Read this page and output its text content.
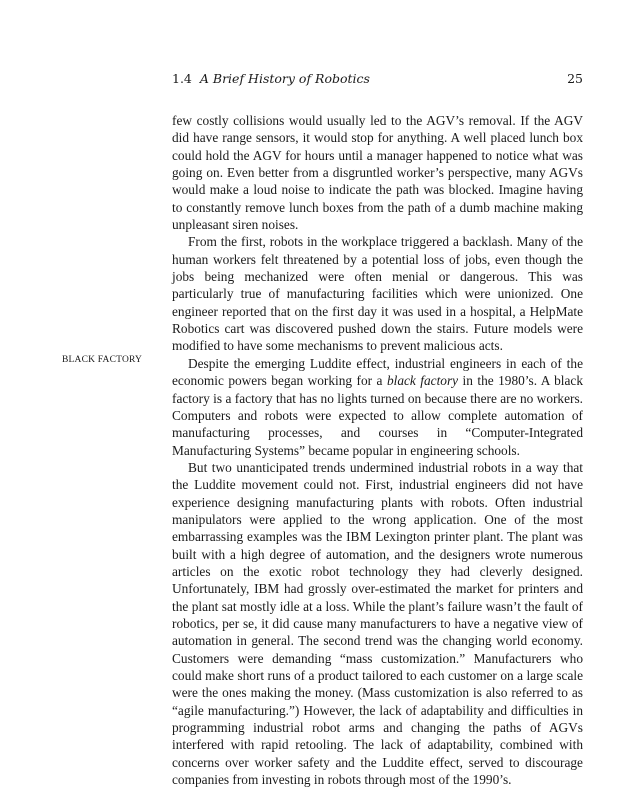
1.4 A Brief History of Robotics	25
BLACK FACTORY

few costly collisions would usually led to the AGV’s removal. If the AGV did have range sensors, it would stop for anything. A well placed lunch box could hold the AGV for hours until a manager happened to notice what was going on. Even better from a disgruntled worker’s perspective, many AGVs would make a loud noise to indicate the path was blocked. Imagine having to constantly remove lunch boxes from the path of a dumb machine making unpleasant siren noises.

From the first, robots in the workplace triggered a backlash. Many of the human workers felt threatened by a potential loss of jobs, even though the jobs being mechanized were often menial or dangerous. This was particularly true of manufacturing facilities which were unionized. One engineer reported that on the first day it was used in a hospital, a HelpMate Robotics cart was discovered pushed down the stairs. Future models were modified to have some mechanisms to prevent malicious acts.

Despite the emerging Luddite effect, industrial engineers in each of the economic powers began working for a black factory in the 1980’s. A black factory is a factory that has no lights turned on because there are no workers. Computers and robots were expected to allow complete automation of manufacturing processes, and courses in “Computer-Integrated Manufacturing Systems” became popular in engineering schools.

But two unanticipated trends undermined industrial robots in a way that the Luddite movement could not. First, industrial engineers did not have experience designing manufacturing plants with robots. Often industrial manipulators were applied to the wrong application. One of the most embarrassing examples was the IBM Lexington printer plant. The plant was built with a high degree of automation, and the designers wrote numerous articles on the exotic robot technology they had cleverly designed. Unfortunately, IBM had grossly over-estimated the market for printers and the plant sat mostly idle at a loss. While the plant’s failure wasn’t the fault of robotics, per se, it did cause many manufacturers to have a negative view of automation in general. The second trend was the changing world economy. Customers were demanding “mass customization.” Manufacturers who could make short runs of a product tailored to each customer on a large scale were the ones making the money. (Mass customization is also referred to as “agile manufacturing.”) However, the lack of adaptability and difficulties in programming industrial robot arms and changing the paths of AGVs interfered with rapid retooling. The lack of adaptability, combined with concerns over worker safety and the Luddite effect, served to discourage companies from investing in robots through most of the 1990’s.
